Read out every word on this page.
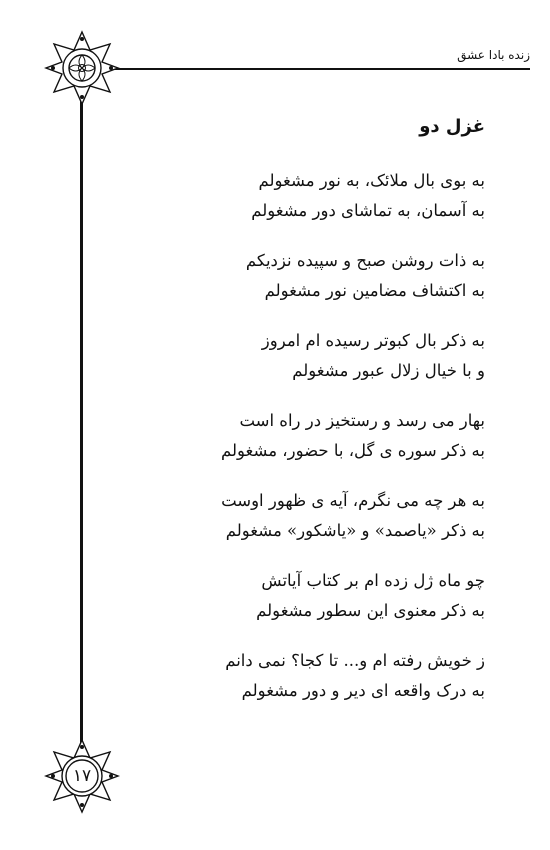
زنده بادا عشق
غزل دو
به بوی بال ملائک، به نور مشغولم
به آسمان، به تماشای دور مشغولم
به ذات روشن صبح و سپیده نزدیکم
به اکتشاف مضامین نور مشغولم
به ذکر بال کبوتر رسیده ام امروز
و با خیال زلال عبور مشغولم
بهار می رسد و رستخیز در راه است
به ذکر سوره ی گل، با حضور، مشغولم
به هر چه می نگرم، آیه ی ظهور اوست
به ذکر «یاصمد» و «یاشکور» مشغولم
چو ماه ژل زده ام بر کتاب آیاتش
به ذکر معنوی این سطور مشغولم
ز خویش رفته ام و... تا کجا؟ نمی دانم
به درک واقعه ای دیر و دور مشغولم
۱۷
